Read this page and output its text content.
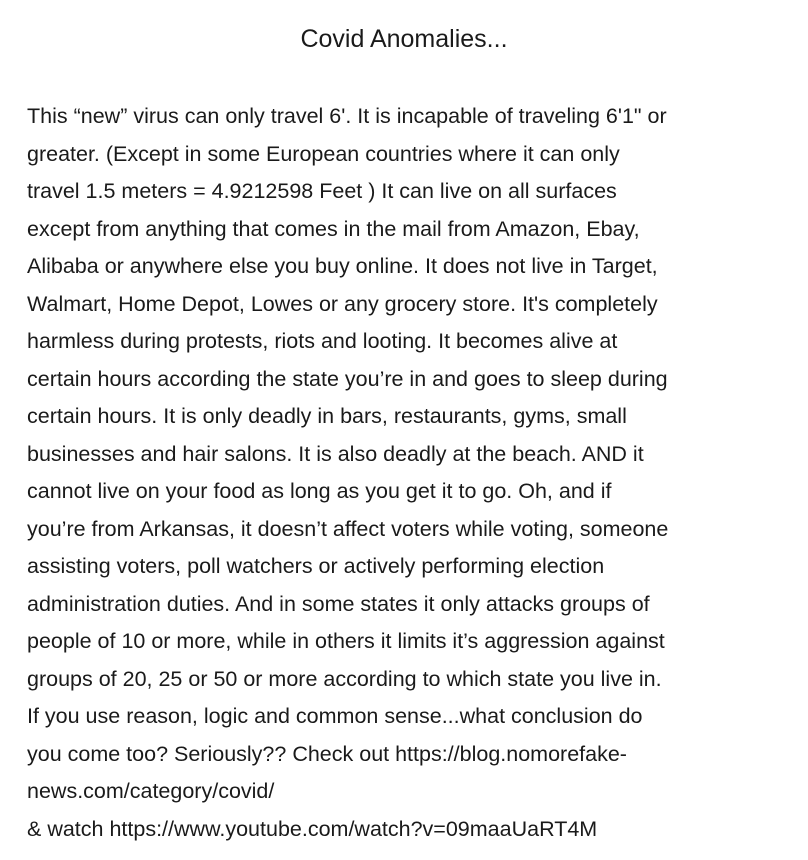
Covid Anomalies...
This “new” virus can only travel 6'. It is incapable of traveling 6'1" or
greater. (Except in some European countries where it can only
travel 1.5 meters = 4.9212598 Feet ) It can live on all surfaces
except from anything that comes in the mail from Amazon, Ebay,
Alibaba or anywhere else you buy online. It does not live in Target,
Walmart, Home Depot, Lowes or any grocery store. It's completely
harmless during protests, riots and looting. It becomes alive at
certain hours according the state you’re in and goes to sleep during
certain hours. It is only deadly in bars, restaurants, gyms, small
businesses and hair salons. It is also deadly at the beach. AND it
cannot live on your food as long as you get it to go. Oh, and if
you’re from Arkansas, it doesn’t affect voters while voting, someone
assisting voters, poll watchers or actively performing election
administration duties. And in some states it only attacks groups of
people of 10 or more, while in others it limits it’s aggression against
groups of 20, 25 or 50 or more according to which state you live in.
If you use reason, logic and common sense...what conclusion do
you come too? Seriously?? Check out https://blog.nomorefake-
news.com/category/covid/
& watch https://www.youtube.com/watch?v=09maaUaRT4M
